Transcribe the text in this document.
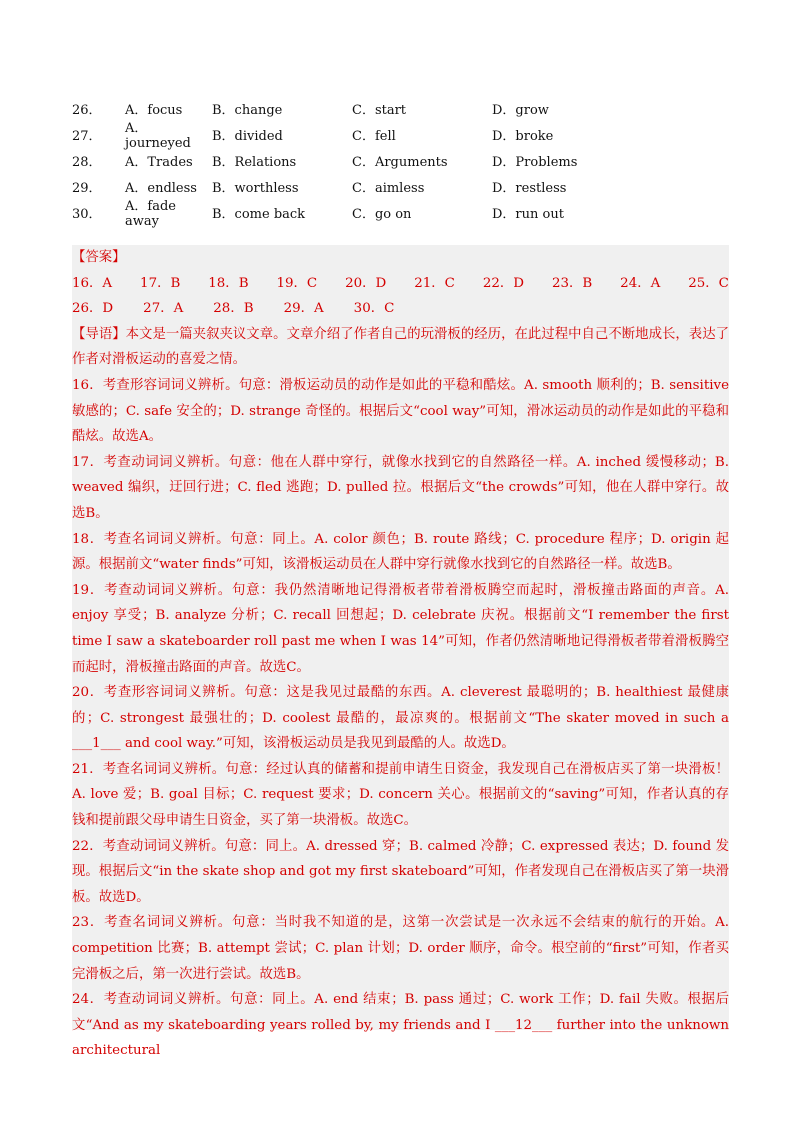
26．	A．focus	B．change	C．start	D．grow
27．	A．journeyed	B．divided	C．fell	D．broke
28．	A．Trades	B．Relations	C．Arguments	D．Problems
29．	A．endless	B．worthless	C．aimless	D．restless
30．	A．fade away	B．come back	C．go on	D．run out

【答案】

16．A 17．B 18．B 19．C 20．D 21．C 22．D 23．B 24．A 25．C

26．D 27．A 28．B 29．A 30．C

【导语】本文是一篇夹叙夹议文章。文章介绍了作者自己的玩滑板的经历，在此过程中自己不断地成长，表达了作者对滑板运动的喜爱之情。

16．考查形容词词义辨析。句意：滑板运动员的动作是如此的平稳和酷炫。A. smooth 顺利的；B. sensitive 敏感的；C. safe 安全的；D. strange 奇怪的。根据后文“cool way”可知，滑冰运动员的动作是如此的平稳和酷炫。故选A。

17．考查动词词义辨析。句意：他在人群中穿行，就像水找到它的自然路径一样。A. inched 缓慢移动；B. weaved 编织，迂回行进；C. fled 逃跑；D. pulled 拉。根据后文“the crowds”可知，他在人群中穿行。故选B。

18．考查名词词义辨析。句意：同上。A. color 颜色；B. route 路线；C. procedure 程序；D. origin 起源。根据前文“water finds”可知，该滑板运动员在人群中穿行就像水找到它的自然路径一样。故选B。

19．考查动词词义辨析。句意：我仍然清晰地记得滑板者带着滑板腾空而起时，滑板撞击路面的声音。A. enjoy 享受；B. analyze 分析；C. recall 回想起；D. celebrate 庆祝。根据前文“I remember the first time I saw a skateboarder roll past me when I was 14”可知，作者仍然清晰地记得滑板者带着滑板腾空而起时，滑板撞击路面的声音。故选C。

20．考查形容词词义辨析。句意：这是我见过最酷的东西。A. cleverest 最聪明的；B. healthiest 最健康的；C. strongest 最强壮的；D. coolest 最酷的，最凉爽的。根据前文“The skater moved in such a ___1___ and cool way.”可知，该滑板运动员是我见到最酷的人。故选D。

21．考查名词词义辨析。句意：经过认真的储蓄和提前申请生日资金，我发现自己在滑板店买了第一块滑板！A. love 爱；B. goal 目标；C. request 要求；D. concern 关心。根据前文的“saving”可知，作者认真的存钱和提前跟父母申请生日资金，买了第一块滑板。故选C。

22．考查动词词义辨析。句意：同上。A. dressed 穿；B. calmed 冷静；C. expressed 表达；D. found 发现。根据后文“in the skate shop and got my first skateboard”可知，作者发现自己在滑板店买了第一块滑板。故选D。

23．考查名词词义辨析。句意：当时我不知道的是，这第一次尝试是一次永远不会结束的航行的开始。A. competition 比赛；B. attempt 尝试；C. plan 计划；D. order 顺序，命令。根空前的“first”可知，作者买完滑板之后，第一次进行尝试。故选B。

24．考查动词词义辨析。句意：同上。A. end 结束；B. pass 通过；C. work 工作；D. fail 失败。根据后文“And as my skateboarding years rolled by, my friends and I ___12___ further into the unknown architectural
